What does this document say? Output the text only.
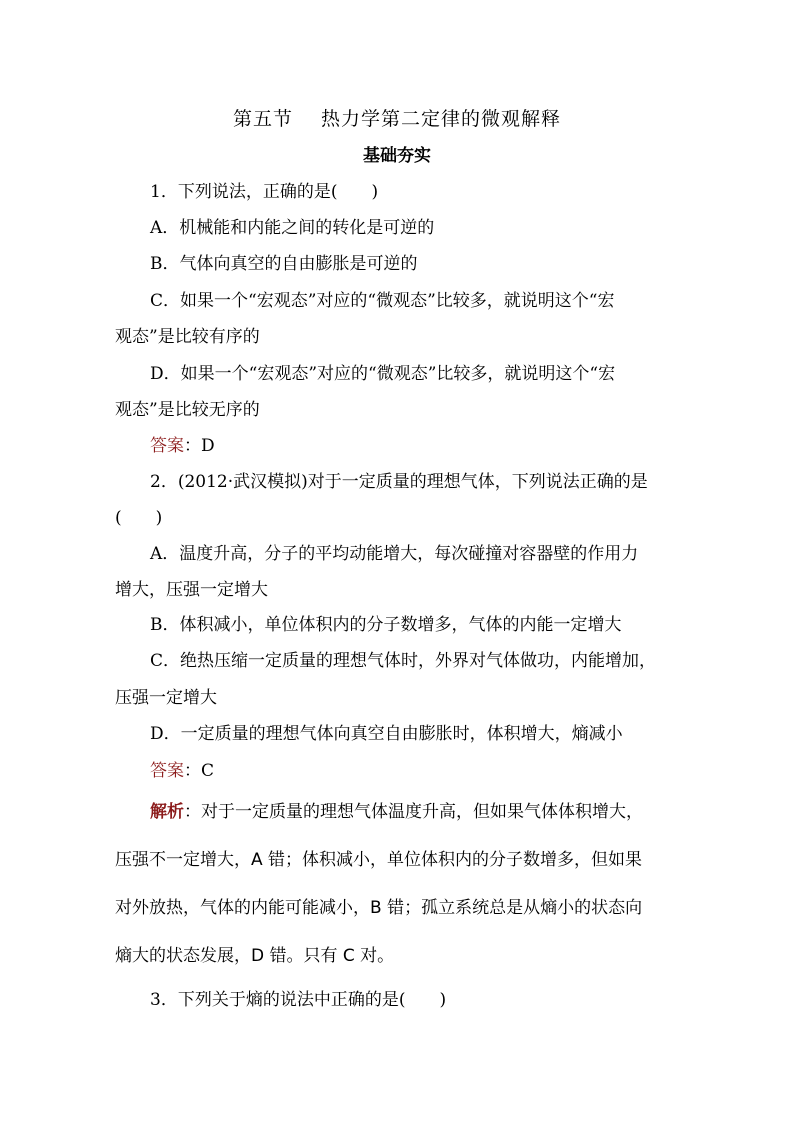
第五节 热力学第二定律的微观解释
基础夯实
1．下列说法，正确的是(　　)
A．机械能和内能之间的转化是可逆的
B．气体向真空的自由膨胀是可逆的
C．如果一个“宏观态”对应的“微观态”比较多，就说明这个“宏
观态”是比较有序的
D．如果一个“宏观态”对应的“微观态”比较多，就说明这个“宏
观态”是比较无序的
答案：D
2．(2012·武汉模拟)对于一定质量的理想气体，下列说法正确的是
(　　)
A．温度升高，分子的平均动能增大，每次碰撞对容器壁的作用力
增大，压强一定增大
B．体积减小，单位体积内的分子数增多，气体的内能一定增大
C．绝热压缩一定质量的理想气体时，外界对气体做功，内能增加，
压强一定增大
D．一定质量的理想气体向真空自由膨胀时，体积增大，熵减小
答案：C
解析：对于一定质量的理想气体温度升高，但如果气体体积增大，
压强不一定增大，A 错；体积减小，单位体积内的分子数增多，但如果
对外放热，气体的内能可能减小，B 错；孤立系统总是从熵小的状态向
熵大的状态发展，D 错。只有 C 对。
3．下列关于熵的说法中正确的是(　　)
